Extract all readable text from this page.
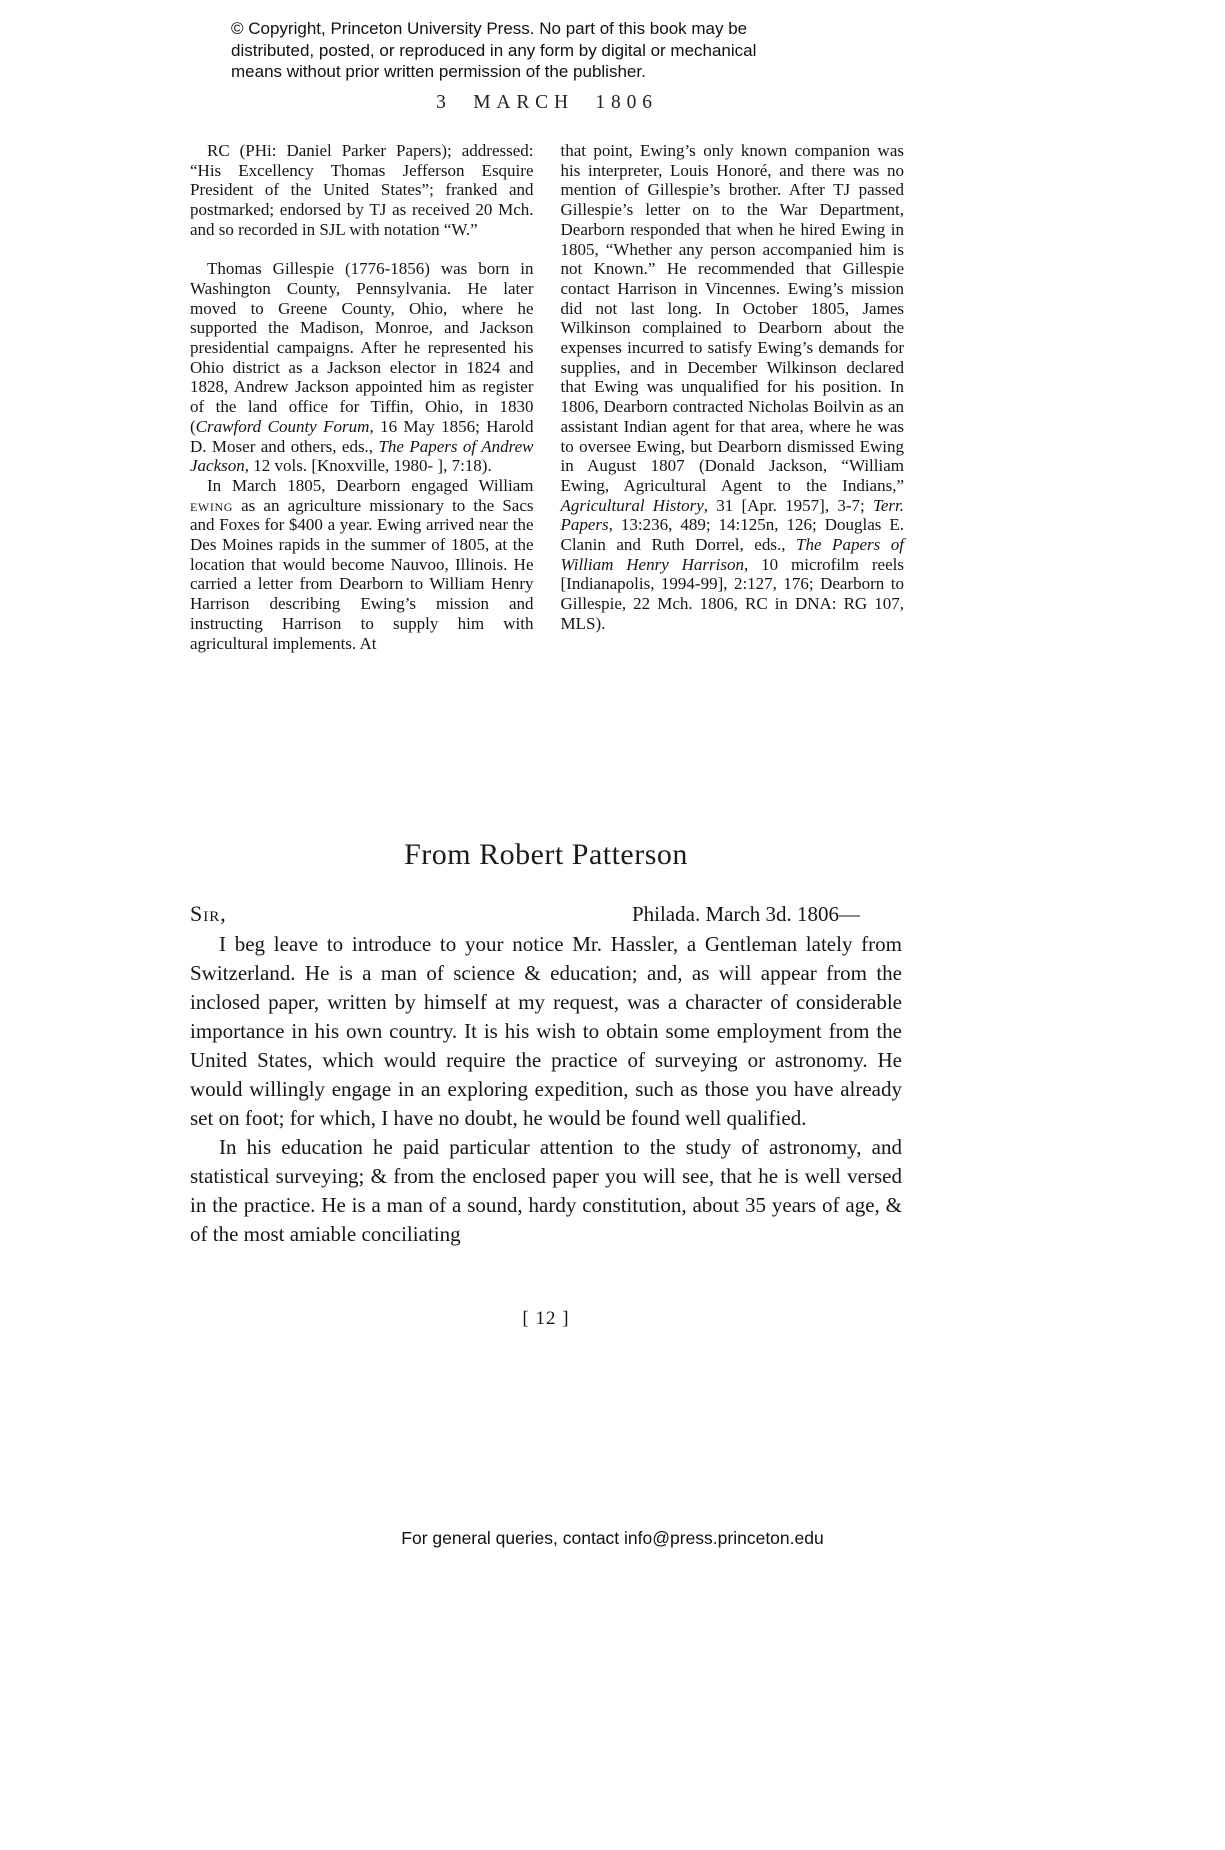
© Copyright, Princeton University Press. No part of this book may be distributed, posted, or reproduced in any form by digital or mechanical means without prior written permission of the publisher.
3 MARCH 1806

RC (PHi: Daniel Parker Papers); addressed: “His Excellency Thomas Jefferson Esquire President of the United States”; franked and postmarked; endorsed by TJ as received 20 Mch. and so recorded in SJL with notation “W.”

Thomas Gillespie (1776-1856) was born in Washington County, Pennsylvania. He later moved to Greene County, Ohio, where he supported the Madison, Monroe, and Jackson presidential campaigns. After he represented his Ohio district as a Jackson elector in 1824 and 1828, Andrew Jackson appointed him as register of the land office for Tiffin, Ohio, in 1830 (Crawford County Forum, 16 May 1856; Harold D. Moser and others, eds., The Papers of Andrew Jackson, 12 vols. [Knoxville, 1980- ], 7:18).

In March 1805, Dearborn engaged William ewing as an agriculture missionary to the Sacs and Foxes for $400 a year. Ewing arrived near the Des Moines rapids in the summer of 1805, at the location that would become Nauvoo, Illinois. He carried a letter from Dearborn to William Henry Harrison describing Ewing’s mission and instructing Harrison to supply him with agricultural implements. At

that point, Ewing’s only known companion was his interpreter, Louis Honoré, and there was no mention of Gillespie’s brother. After TJ passed Gillespie’s letter on to the War Department, Dearborn responded that when he hired Ewing in 1805, “Whether any person accompanied him is not Known.” He recommended that Gillespie contact Harrison in Vincennes. Ewing’s mission did not last long. In October 1805, James Wilkinson complained to Dearborn about the expenses incurred to satisfy Ewing’s demands for supplies, and in December Wilkinson declared that Ewing was unqualified for his position. In 1806, Dearborn contracted Nicholas Boilvin as an assistant Indian agent for that area, where he was to oversee Ewing, but Dearborn dismissed Ewing in August 1807 (Donald Jackson, “William Ewing, Agricultural Agent to the Indians,” Agricultural History, 31 [Apr. 1957], 3-7; Terr. Papers, 13:236, 489; 14:125n, 126; Douglas E. Clanin and Ruth Dorrel, eds., The Papers of William Henry Harrison, 10 microfilm reels [Indianapolis, 1994-99], 2:127, 176; Dearborn to Gillespie, 22 Mch. 1806, RC in DNA: RG 107, MLS).

From Robert Patterson
Sir,	Philada. March 3d. 1806—

I beg leave to introduce to your notice Mr. Hassler, a Gentleman lately from Switzerland. He is a man of science & education; and, as will appear from the inclosed paper, written by himself at my request, was a character of considerable importance in his own country. It is his wish to obtain some employment from the United States, which would require the practice of surveying or astronomy. He would willingly engage in an exploring expedition, such as those you have already set on foot; for which, I have no doubt, he would be found well qualified.

In his education he paid particular attention to the study of astronomy, and statistical surveying; & from the enclosed paper you will see, that he is well versed in the practice. He is a man of a sound, hardy constitution, about 35 years of age, & of the most amiable conciliating

[ 12 ]
For general queries, contact info@press.princeton.edu
